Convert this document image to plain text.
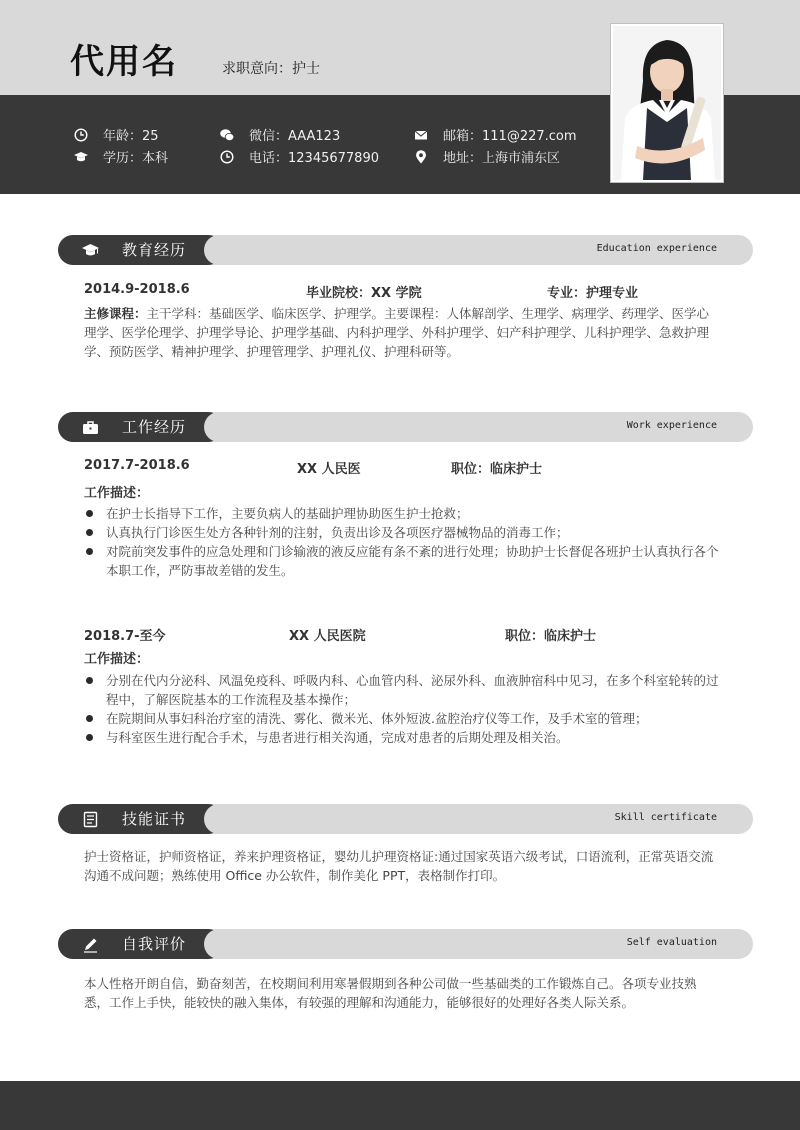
代用名	求职意向：护士
年龄：25
学历：本科
微信：AAA123
电话：12345677890
邮箱：111@227.com
地址：上海市浦东区
教育经历	Education experience
2014.9-2018.6	毕业院校：XX 学院	专业：护理专业
主修课程：主干学科：基础医学、临床医学、护理学。主要课程：人体解剖学、生理学、病理学、药理学、医学心理学、医学伦理学、护理学导论、护理学基础、内科护理学、外科护理学、妇产科护理学、儿科护理学、急救护理学、预防医学、精神护理学、护理管理学、护理礼仪、护理科研等。
工作经历	Work experience
2017.7-2018.6	XX 人民医	职位：临床护士
工作描述：
在护士长指导下工作，主要负病人的基础护理协助医生护士抢救；
认真执行门诊医生处方各种针剂的注射，负责出诊及各项医疗器械物品的消毒工作；
对院前突发事件的应急处理和门诊输液的液反应能有条不紊的进行处理；协助护士长督促各班护士认真执行各个本职工作，严防事故差错的发生。
2018.7-至今	XX 人民医院	职位：临床护士
工作描述：
分别在代内分泌科、风温免疫科、呼吸内科、心血管内科、泌尿外科、血液肿宿科中见习，在多个科室轮转的过程中，了解医院基本的工作流程及基本操作；
在院期间从事妇科治疗室的清洗、雾化、微米光、体外短波.盆腔治疗仪等工作，及手术室的管理；
与科室医生进行配合手术，与患者进行相关沟通，完成对患者的后期处理及相关治。
技能证书	Skill certificate
护士资格证，护师资格证，养来护理资格证，婴幼儿护理资格证:通过国家英语六级考试，口语流利，正常英语交流沟通不成问题；熟练使用 Office 办公软件，制作美化 PPT，表格制作打印。
自我评价	Self evaluation
本人性格开朗自信，勤奋刻苦，在校期间利用寒暑假期到各种公司做一些基础类的工作锻炼自己。各项专业技熟悉，工作上手快，能较快的融入集体，有较强的理解和沟通能力，能够很好的处理好各类人际关系。
